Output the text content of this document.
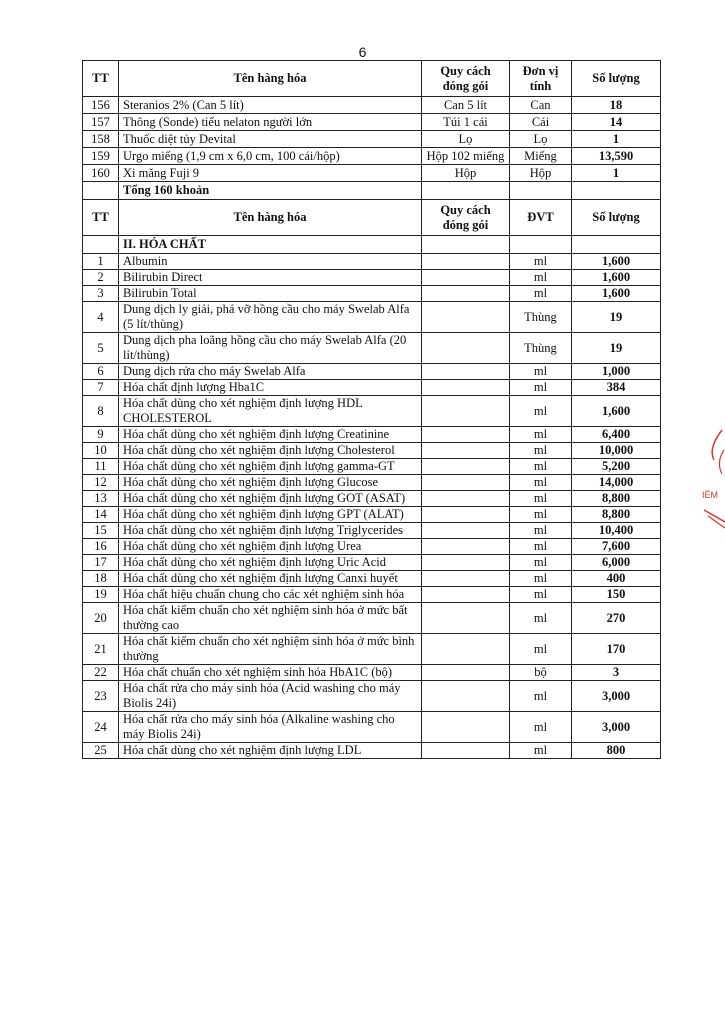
6
TT	Tên hàng hóa	Quy cách đóng gói	Đơn vị tính	Số lượng
156	Steranios 2% (Can 5 lít)	Can 5 lít	Can	18
157	Thông (Sonde) tiểu nelaton người lớn	Túi 1 cái	Cái	14
158	Thuốc diệt tủy Devital	Lọ	Lọ	1
159	Urgo miếng (1,9 cm x 6,0 cm, 100 cái/hộp)	Hộp 102 miếng	Miếng	13,590
160	Xi măng Fuji 9	Hộp	Hộp	1
	Tổng 160 khoản			
TT	Tên hàng hóa	Quy cách đóng gói	ĐVT	Số lượng
	II. HÓA CHẤT			
1	Albumin		ml	1,600
2	Bilirubin Direct		ml	1,600
3	Bilirubin Total		ml	1,600
4	Dung dịch ly giải, phá vỡ hồng cầu cho máy Swelab Alfa (5 lít/thùng)		Thùng	19
5	Dung dịch pha loãng hồng cầu cho máy Swelab Alfa (20 lít/thùng)		Thùng	19
6	Dung dịch rửa cho máy Swelab Alfa		ml	1,000
7	Hóa chất định lượng Hba1C		ml	384
8	Hóa chất dùng cho xét nghiệm định lượng HDL CHOLESTEROL		ml	1,600
9	Hóa chất dùng cho xét nghiệm định lượng Creatinine		ml	6,400
10	Hóa chất dùng cho xét nghiệm định lượng Cholesterol		ml	10,000
11	Hóa chất dùng cho xét nghiệm định lượng gamma-GT		ml	5,200
12	Hóa chất dùng cho xét nghiệm định lượng Glucose		ml	14,000
13	Hóa chất dùng cho xét nghiệm định lượng GOT (ASAT)		ml	8,800
14	Hóa chất dùng cho xét nghiệm định lượng GPT (ALAT)		ml	8,800
15	Hóa chất dùng cho xét nghiệm định lượng Triglycerides		ml	10,400
16	Hóa chất dùng cho xét nghiệm định lượng Urea		ml	7,600
17	Hóa chất dùng cho xét nghiệm định lượng Uric Acid		ml	6,000
18	Hóa chất dùng cho xét nghiệm định lượng Canxi huyết		ml	400
19	Hóa chất hiệu chuẩn chung cho các xét nghiệm sinh hóa		ml	150
20	Hóa chất kiểm chuẩn cho xét nghiệm sinh hóa ở mức bất thường cao		ml	270
21	Hóa chất kiểm chuẩn cho xét nghiệm sinh hóa ở mức bình thường		ml	170
22	Hóa chất chuẩn cho xét nghiệm sinh hóa HbA1C (bộ)		bộ	3
23	Hóa chất rửa cho máy sinh hóa (Acid washing cho máy Biolis 24i)		ml	3,000
24	Hóa chất rửa cho máy sinh hóa (Alkaline washing cho máy Biolis 24i)		ml	3,000
25	Hóa chất dùng cho xét nghiệm định lượng LDL		ml	800
IÊM
